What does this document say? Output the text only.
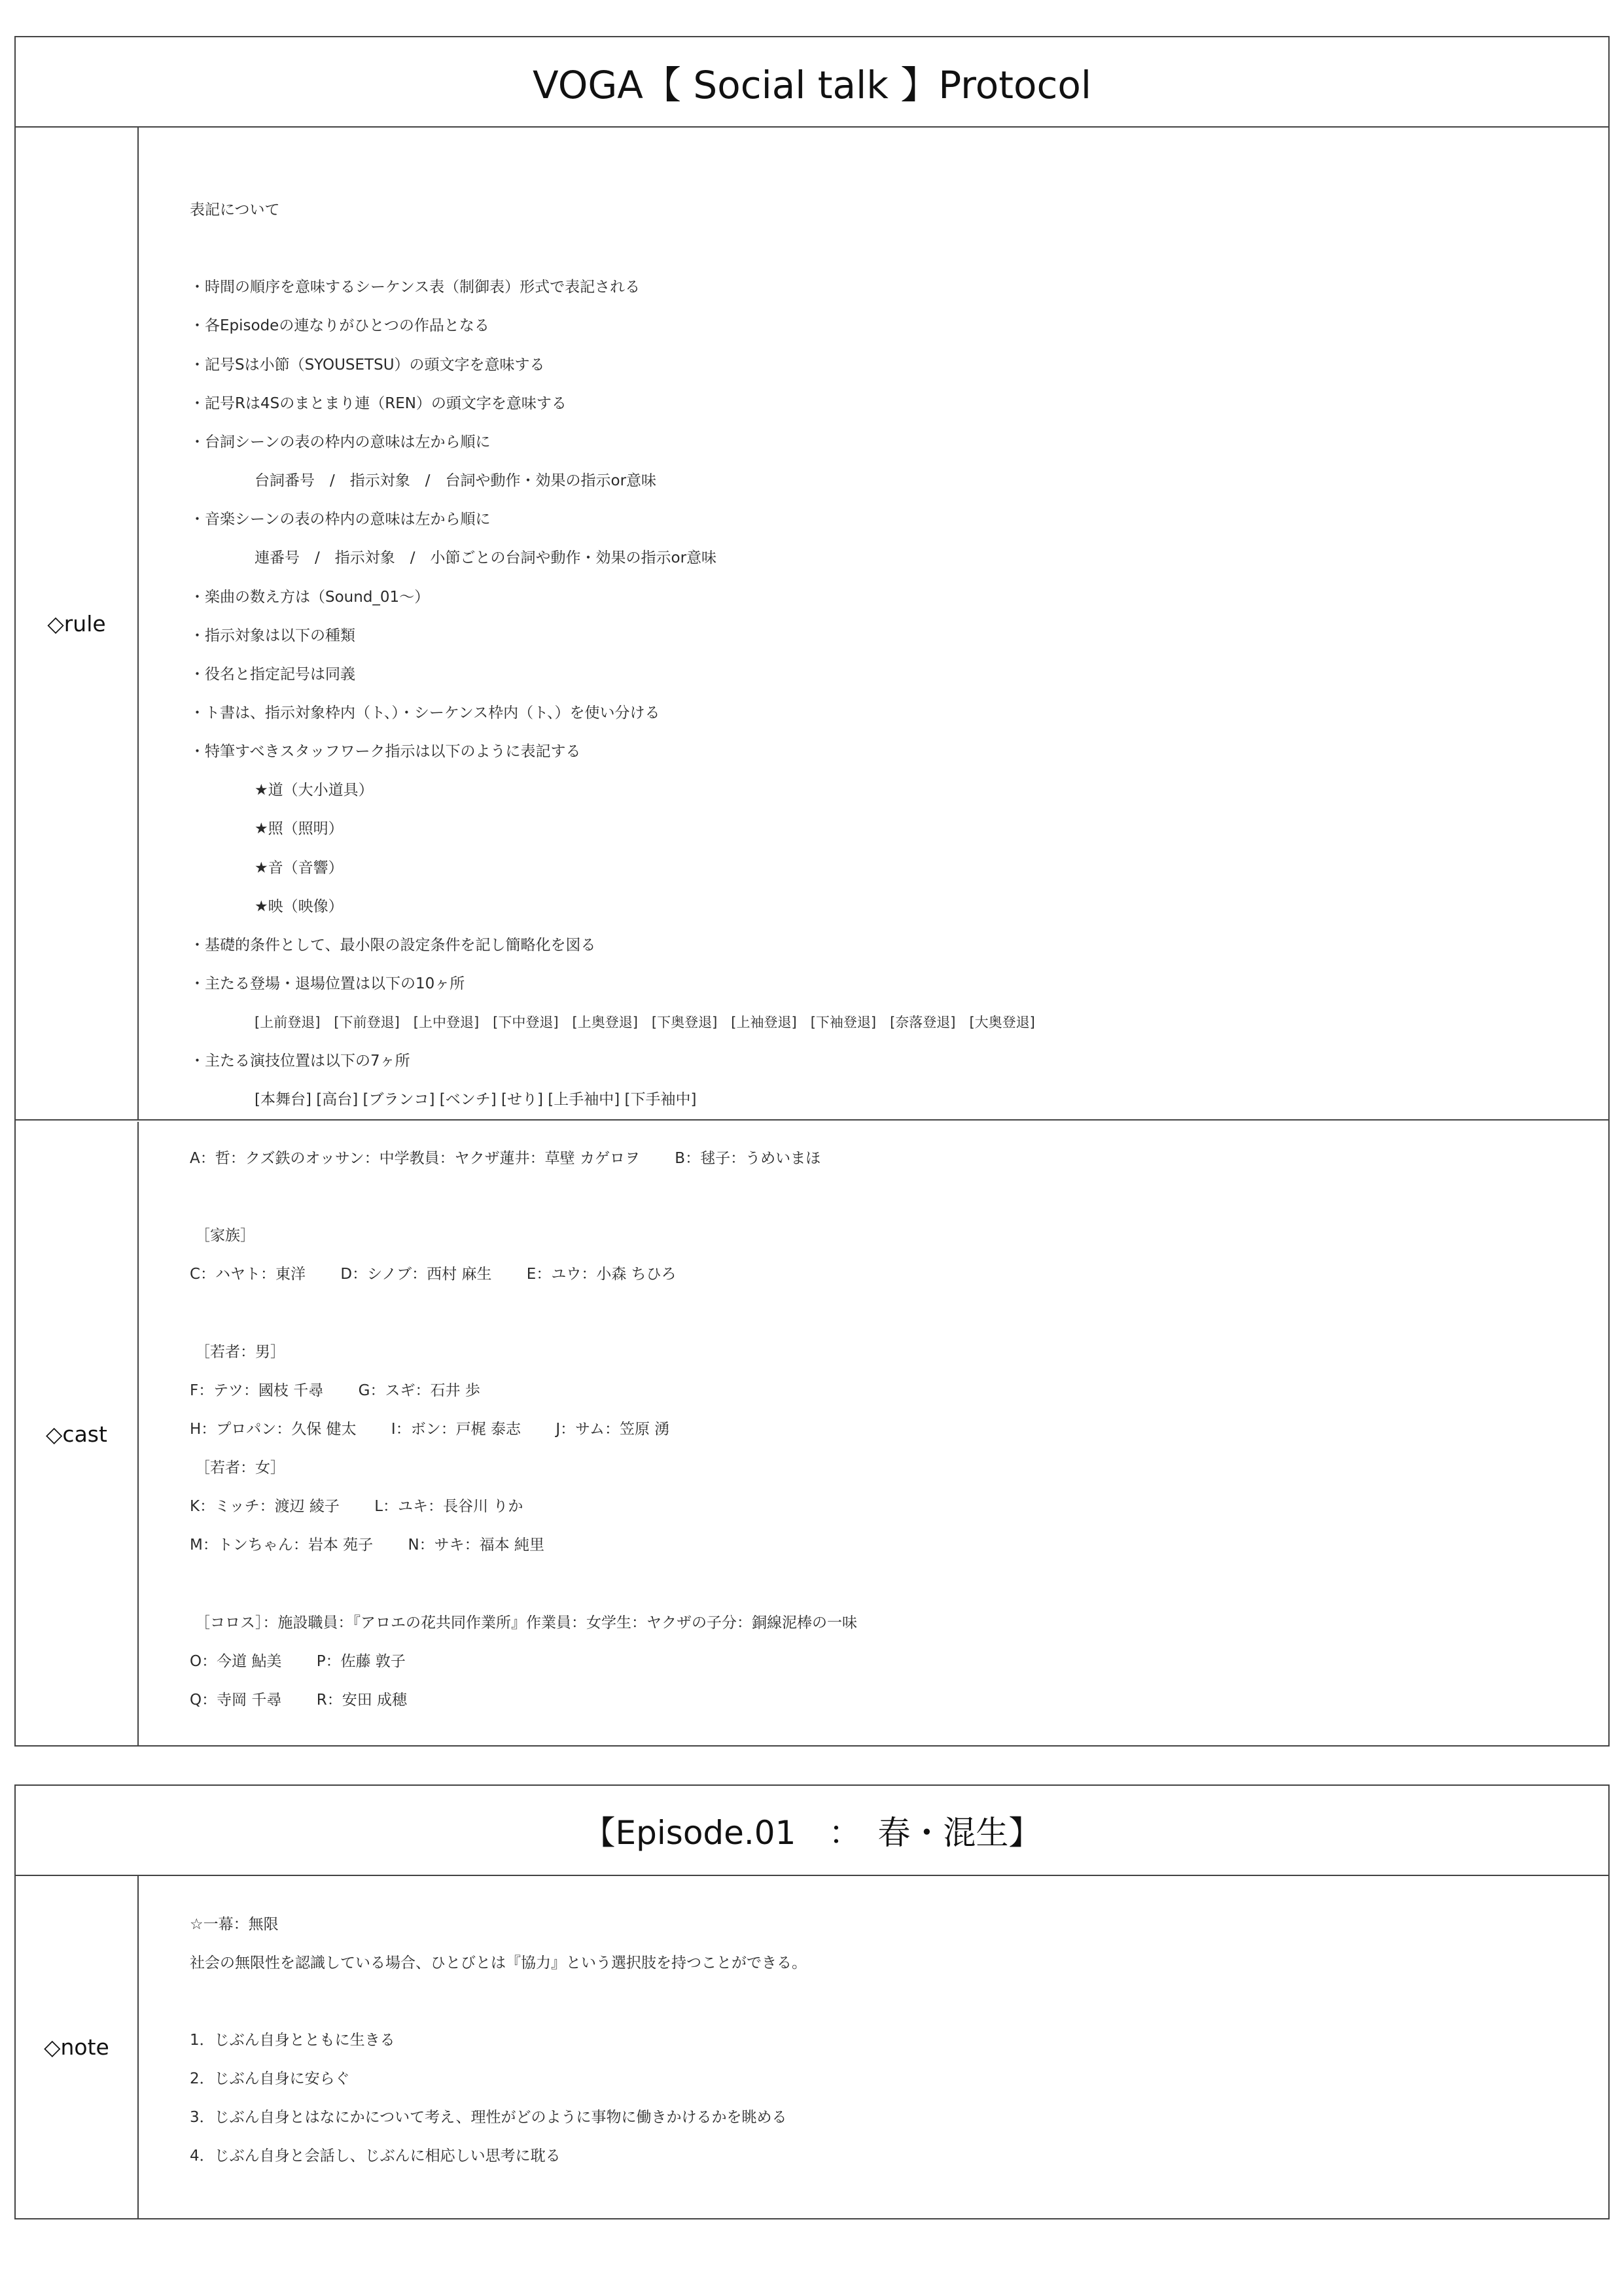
VOGA【 Social talk 】Protocol
◇rule
表記について
・時間の順序を意味するシーケンス表（制御表）形式で表記される
・各Episodeの連なりがひとつの作品となる
・記号Sは小節（SYOUSETSU）の頭文字を意味する
・記号Rは4Sのまとまり連（REN）の頭文字を意味する
・台詞シーンの表の枠内の意味は左から順に
台詞番号　/　指示対象　/　台詞や動作・効果の指示or意味
・音楽シーンの表の枠内の意味は左から順に
連番号　/　指示対象　/　小節ごとの台詞や動作・効果の指示or意味
・楽曲の数え方は（Sound_01〜）
・指示対象は以下の種類
・役名と指定記号は同義
・ト書は、指示対象枠内（ト、）・シーケンス枠内（ト、）を使い分ける
・特筆すべきスタッフワーク指示は以下のように表記する
★道（大小道具）
★照（照明）
★音（音響）
★映（映像）
・基礎的条件として、最小限の設定条件を記し簡略化を図る
・主たる登場・退場位置は以下の10ヶ所
[上前登退]　[下前登退]　[上中登退]　[下中登退]　[上奥登退]　[下奥登退]　[上袖登退]　[下袖登退]　[奈落登退]　[大奥登退]
・主たる演技位置は以下の7ヶ所
[本舞台] [高台] [ブランコ] [ベンチ] [せり] [上手袖中] [下手袖中]
◇cast
A：哲：クズ鉄のオッサン：中学教員：ヤクザ蓮井：草壁 カゲロヲ　　 B：毬子：うめいまほ
［家族］
C：ハヤト：東洋　　 D：シノブ：西村 麻生　　 E：ユウ：小森 ちひろ
［若者：男］
F：テツ：國枝 千尋　　 G：スギ：石井 歩
H：プロパン：久保 健太　　 I：ボン：戸梶 泰志　　 J：サム：笠原 湧
［若者：女］
K：ミッチ：渡辺 綾子　　 L：ユキ：長谷川 りか
M：トンちゃん：岩本 苑子　　 N：サキ：福本 純里
［コロス］：施設職員：『アロエの花共同作業所』作業員：女学生：ヤクザの子分：銅線泥棒の一味
O：今道 鮎美　　 P：佐藤 敦子
Q：寺岡 千尋　　 R：安田 成穂
【Episode.01　：　春・混生】
◇note
☆一幕：無限
社会の無限性を認識している場合、ひとびとは『協力』という選択肢を持つことができる。
1．じぶん自身とともに生きる
2．じぶん自身に安らぐ
3．じぶん自身とはなにかについて考え、理性がどのように事物に働きかけるかを眺める
4．じぶん自身と会話し、じぶんに相応しい思考に耽る
